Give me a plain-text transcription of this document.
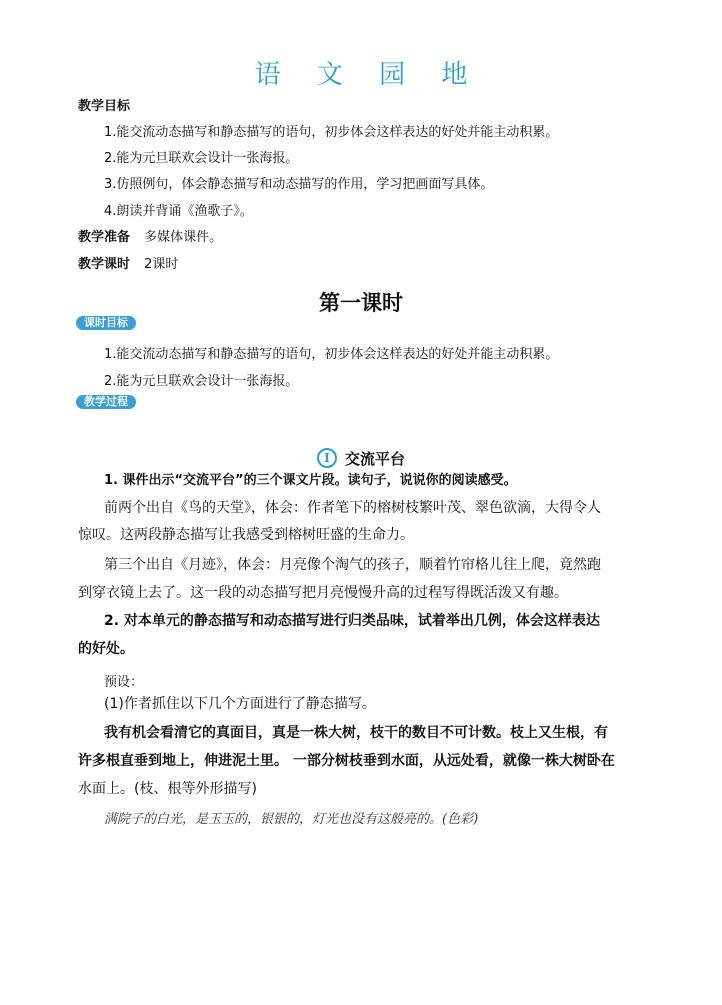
语 文 园 地
教学目标
1.能交流动态描写和静态描写的语句，初步体会这样表达的好处并能主动积累。
2.能为元旦联欢会设计一张海报。
3.仿照例句，体会静态描写和动态描写的作用，学习把画面写具体。
4.朗读并背诵《渔歌子》。
教学准备 多媒体课件。
教学课时 2课时
第一课时
课时目标
1.能交流动态描写和静态描写的语句，初步体会这样表达的好处并能主动积累。
2.能为元旦联欢会设计一张海报。
教学过程
I	交流平台
1. 课件出示“交流平台”的三个课文片段。读句子，说说你的阅读感受。
前两个出自《鸟的天堂》，体会：作者笔下的榕树枝繁叶茂、翠色欲滴，大得令人
惊叹。这两段静态描写让我感受到榕树旺盛的生命力。
第三个出自《月迹》，体会：月亮像个淘气的孩子，顺着竹帘格儿往上爬，竟然跑
到穿衣镜上去了。这一段的动态描写把月亮慢慢升高的过程写得既活泼又有趣。
2. 对本单元的静态描写和动态描写进行归类品味，试着举出几例，体会这样表达
的好处。
预设：
(1)作者抓住以下几个方面进行了静态描写。
我有机会看清它的真面目，真是一株大树，枝干的数目不可计数。枝上又生根，有
许多根直垂到地上，伸进泥土里。 一部分树枝垂到水面，从远处看，就像一株大树卧在
水面上。(枝、根等外形描写)
满院子的白光，是玉玉的，银银的，灯光也没有这般亮的。(色彩)
